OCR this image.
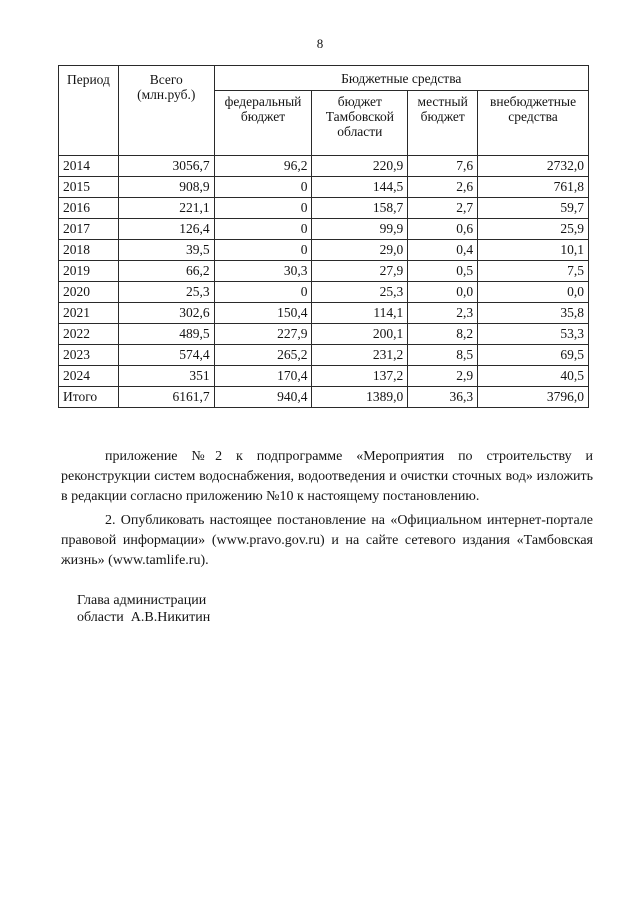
8
Период	Всего (млн.руб.)	Бюджетные средства			
		федеральный бюджет	бюджет Тамбовской области	местный бюджет	внебюджетные средства
2014	3056,7	96,2	220,9	7,6	2732,0
2015	908,9	0	144,5	2,6	761,8
2016	221,1	0	158,7	2,7	59,7
2017	126,4	0	99,9	0,6	25,9
2018	39,5	0	29,0	0,4	10,1
2019	66,2	30,3	27,9	0,5	7,5
2020	25,3	0	25,3	0,0	0,0
2021	302,6	150,4	114,1	2,3	35,8
2022	489,5	227,9	200,1	8,2	53,3
2023	574,4	265,2	231,2	8,5	69,5
2024	351	170,4	137,2	2,9	40,5
Итого	6161,7	940,4	1389,0	36,3	3796,0
приложение №2 к подпрограмме «Мероприятия по строительству и реконструкции систем водоснабжения, водоотведения и очистки сточных вод» изложить в редакции согласно приложению №10 к настоящему постановлению.
2. Опубликовать настоящее постановление на «Официальном интернет-портале правовой информации» (www.pravo.gov.ru) и на сайте сетевого издания «Тамбовская жизнь» (www.tamlife.ru).
Глава администрации
области  А.В.Никитин
